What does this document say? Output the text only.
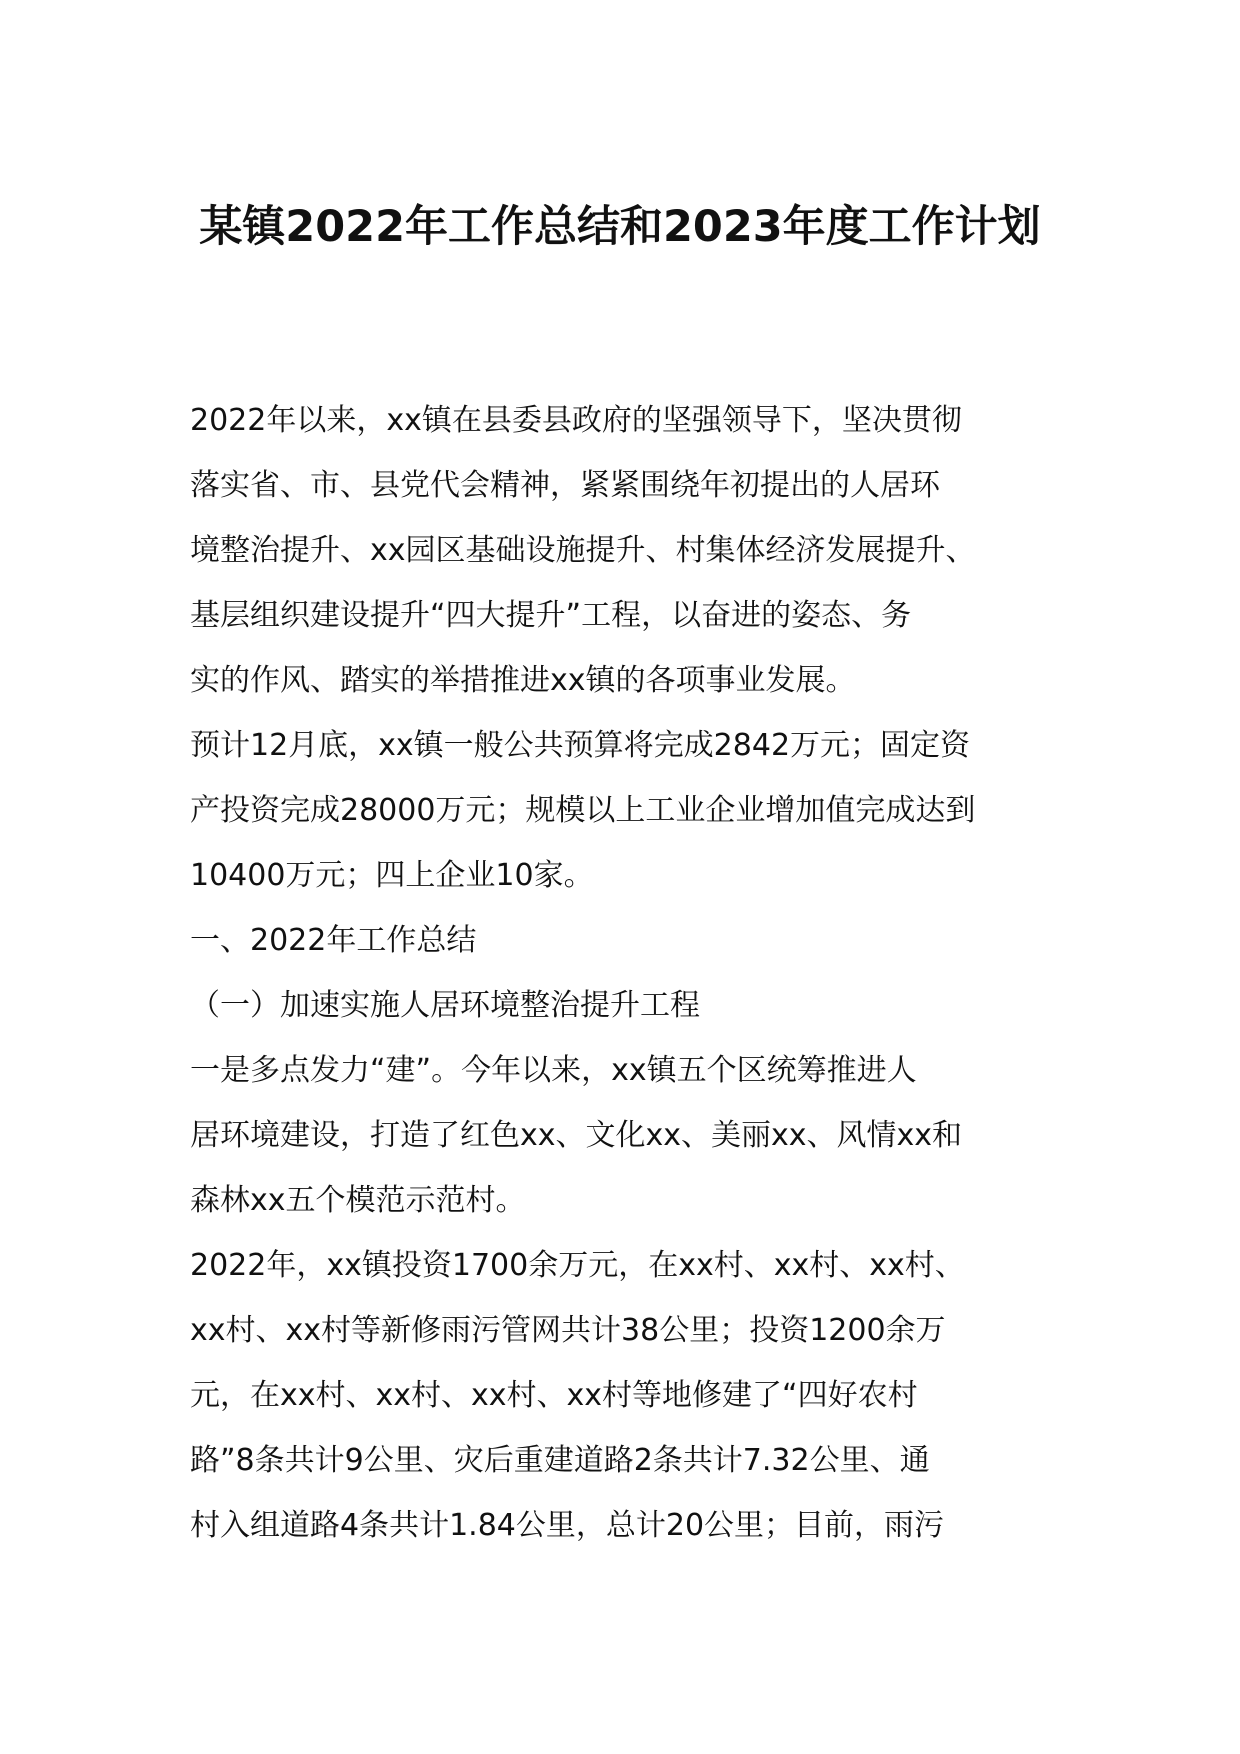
某镇2022年工作总结和2023年度工作计划

2022年以来，xx镇在县委县政府的坚强领导下，坚决贯彻
落实省、市、县党代会精神，紧紧围绕年初提出的人居环
境整治提升、xx园区基础设施提升、村集体经济发展提升、
基层组织建设提升“四大提升”工程，以奋进的姿态、务
实的作风、踏实的举措推进xx镇的各项事业发展。

预计12月底，xx镇一般公共预算将完成2842万元；固定资
产投资完成28000万元；规模以上工业企业增加值完成达到
10400万元；四上企业10家。

一、2022年工作总结

（一）加速实施人居环境整治提升工程

一是多点发力“建”。今年以来，xx镇五个区统筹推进人
居环境建设，打造了红色xx、文化xx、美丽xx、风情xx和
森林xx五个模范示范村。

2022年，xx镇投资1700余万元，在xx村、xx村、xx村、
xx村、xx村等新修雨污管网共计38公里；投资1200余万
元，在xx村、xx村、xx村、xx村等地修建了“四好农村
路”8条共计9公里、灾后重建道路2条共计7.32公里、通
村入组道路4条共计1.84公里，总计20公里；目前，雨污
